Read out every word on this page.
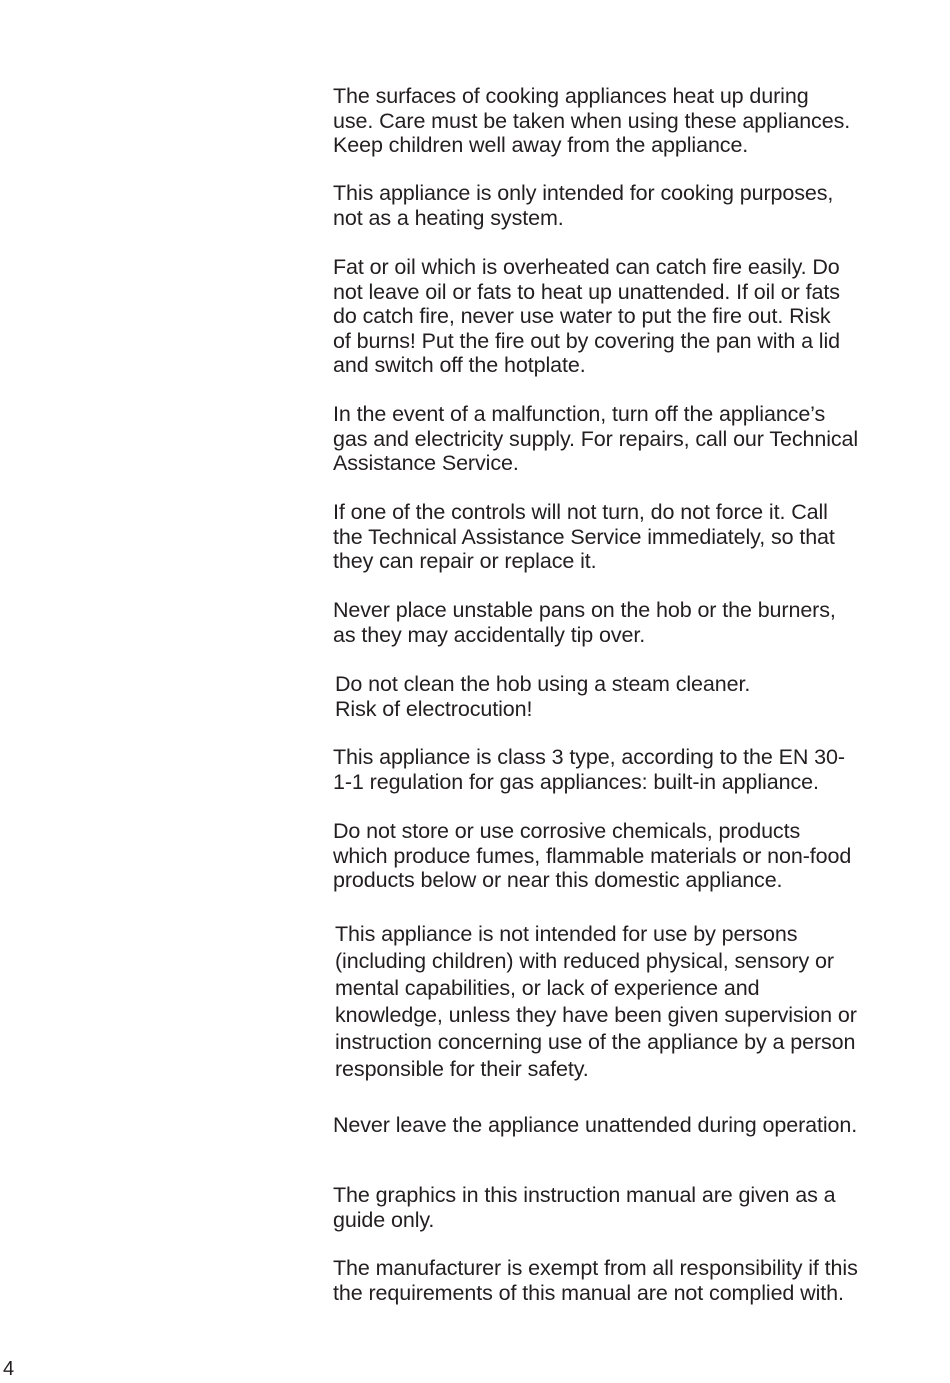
The surfaces of cooking appliances heat up during
use. Care must be taken when using these appliances.
Keep children well away from the appliance.

This appliance is only intended for cooking purposes,
not as a heating system.

Fat or oil which is overheated can catch fire easily. Do
not leave oil or fats to heat up unattended. If oil or fats
do catch fire, never use water to put the fire out. Risk
of burns! Put the fire out by covering the pan with a lid
and switch off the hotplate.

In the event of a malfunction, turn off the appliance’s
gas and electricity supply. For repairs, call our Technical
Assistance Service.

If one of the controls will not turn, do not force it. Call
the Technical Assistance Service immediately, so that
they can repair or replace it.

Never place unstable pans on the hob or the burners,
as they may accidentally tip over.

Do not clean the hob using a steam cleaner.
Risk of electrocution!

This appliance is class 3 type, according to the EN 30-
1-1 regulation for gas appliances: built-in appliance.

Do not store or use corrosive chemicals, products
which produce fumes, flammable materials or non-food
products below or near this domestic appliance.

This appliance is not intended for use by persons
(including children) with reduced physical, sensory or
mental capabilities, or lack of experience and
knowledge, unless they have been given supervision or
instruction concerning use of the appliance by a person
responsible for their safety.

Never leave the appliance unattended during operation.

The graphics in this instruction manual are given as a
guide only.

The manufacturer is exempt from all responsibility if this
the requirements of this manual are not complied with.

4
